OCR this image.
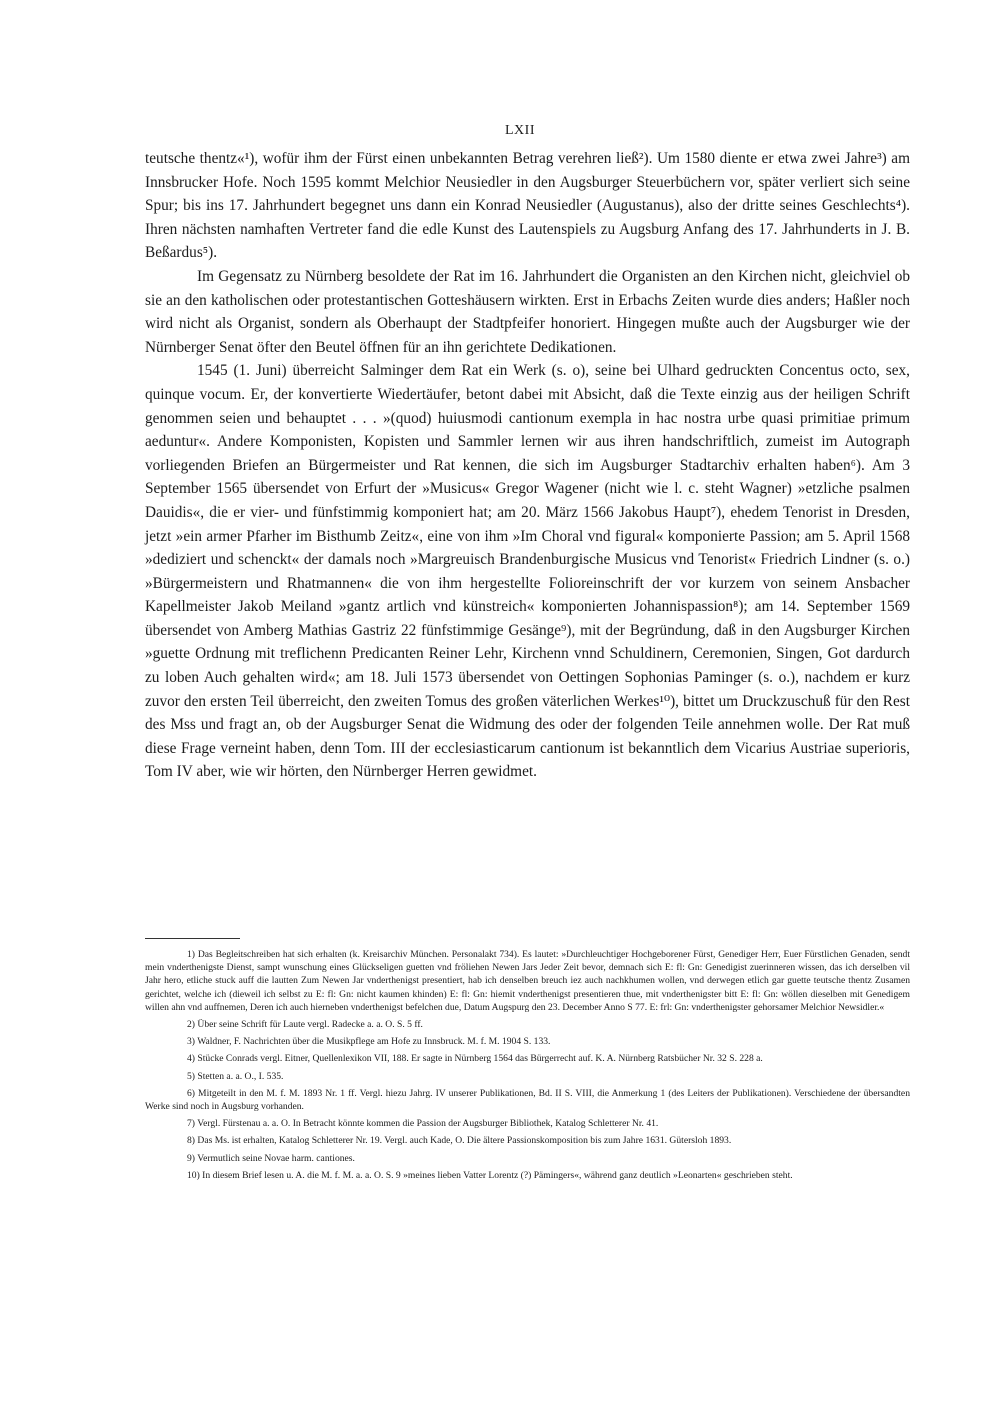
LXII

teutsche thentz«¹), wofür ihm der Fürst einen unbekannten Betrag verehren ließ²). Um 1580 diente er etwa zwei Jahre³) am Innsbrucker Hofe. Noch 1595 kommt Melchior Neusiedler in den Augsburger Steuerbüchern vor, später verliert sich seine Spur; bis ins 17. Jahrhundert begegnet uns dann ein Konrad Neusiedler (Augustanus), also der dritte seines Geschlechts⁴). Ihren nächsten namhaften Vertreter fand die edle Kunst des Lautenspiels zu Augsburg Anfang des 17. Jahrhunderts in J. B. Beßardus⁵).

Im Gegensatz zu Nürnberg besoldete der Rat im 16. Jahrhundert die Organisten an den Kirchen nicht, gleichviel ob sie an den katholischen oder protestantischen Gotteshäusern wirkten. Erst in Erbachs Zeiten wurde dies anders; Haßler noch wird nicht als Organist, sondern als Oberhaupt der Stadtpfeifer honoriert. Hingegen mußte auch der Augsburger wie der Nürnberger Senat öfter den Beutel öffnen für an ihn gerichtete Dedikationen.

1545 (1. Juni) überreicht Salminger dem Rat ein Werk (s. o), seine bei Ulhard gedruckten Concentus octo, sex, quinque vocum. Er, der konvertierte Wiedertäufer, betont dabei mit Absicht, daß die Texte einzig aus der heiligen Schrift genommen seien und behauptet . . . »(quod) huiusmodi cantionum exempla in hac nostra urbe quasi primitiae primum aeduntur«. Andere Komponisten, Kopisten und Sammler lernen wir aus ihren handschriftlich, zumeist im Autograph vorliegenden Briefen an Bürgermeister und Rat kennen, die sich im Augsburger Stadtarchiv erhalten haben⁶). Am 3 September 1565 übersendet von Erfurt der »Musicus« Gregor Wagener (nicht wie l. c. steht Wagner) »etzliche psalmen Dauidis«, die er vier- und fünfstimmig komponiert hat; am 20. März 1566 Jakobus Haupt⁷), ehedem Tenorist in Dresden, jetzt »ein armer Pfarher im Bisthumb Zeitz«, eine von ihm »Im Choral vnd figural« komponierte Passion; am 5. April 1568 »dediziert und schenckt« der damals noch »Margreuisch Brandenburgische Musicus vnd Tenorist« Friedrich Lindner (s. o.) »Bürgermeistern und Rhatmannen« die von ihm hergestellte Folioreinschrift der vor kurzem von seinem Ansbacher Kapellmeister Jakob Meiland »gantz artlich vnd künstreich« komponierten Johannispassion⁸); am 14. September 1569 übersendet von Amberg Mathias Gastriz 22 fünfstimmige Gesänge⁹), mit der Begründung, daß in den Augsburger Kirchen »guette Ordnung mit treflichenn Predicanten Reiner Lehr, Kirchenn vnnd Schuldinern, Ceremonien, Singen, Got dardurch zu loben Auch gehalten wird«; am 18. Juli 1573 übersendet von Oettingen Sophonias Paminger (s. o.), nachdem er kurz zuvor den ersten Teil überreicht, den zweiten Tomus des großen väterlichen Werkes¹⁰), bittet um Druckzuschuß für den Rest des Mss und fragt an, ob der Augsburger Senat die Widmung des oder der folgenden Teile annehmen wolle. Der Rat muß diese Frage verneint haben, denn Tom. III der ecclesiasticarum cantionum ist bekanntlich dem Vicarius Austriae superioris, Tom IV aber, wie wir hörten, den Nürnberger Herren gewidmet.

1) Das Begleitschreiben hat sich erhalten (k. Kreisarchiv München. Personalakt 734). Es lautet: »Durchleuchtiger Hochgeborener Fürst, Genediger Herr, Euer Fürstlichen Genaden, sendt mein vnderthenigste Dienst, sampt wunschung eines Glückseligen guetten vnd fröliehen Newen Jars Jeder Zeit bevor, demnach sich E: fl: Gn: Genedigist zuerinneren wissen, das ich derselben vil Jahr hero, etliche stuck auff die lautten Zum Newen Jar vnderthenigst presentiert, hab ich denselben breuch iez auch nachkhumen wollen, vnd derwegen etlich gar guette teutsche thentz Zusamen gerichtet, welche ich (dieweil ich selbst zu E: fl: Gn: nicht kaumen khinden) E: fl: Gn: hiemit vnderthenigst presentieren thue, mit vnderthenigster bitt E: fl: Gn: wöllen dieselben mit Genedigem willen ahn vnd auffnemen, Deren ich auch hierneben vnderthenigst befelchen due, Datum Augspurg den 23. December Anno S 77. E: frl: Gn: vnderthenigster gehorsamer Melchior Newsidler.«

2) Über seine Schrift für Laute vergl. Radecke a. a. O. S. 5 ff.

3) Waldner, F. Nachrichten über die Musikpflege am Hofe zu Innsbruck. M. f. M. 1904 S. 133.

4) Stücke Conrads vergl. Eitner, Quellenlexikon VII, 188. Er sagte in Nürnberg 1564 das Bürgerrecht auf. K. A. Nürnberg Ratsbücher Nr. 32 S. 228 a.

5) Stetten a. a. O., I. 535.

6) Mitgeteilt in den M. f. M. 1893 Nr. 1 ff. Vergl. hiezu Jahrg. IV unserer Publikationen, Bd. II S. VIII, die Anmerkung 1 (des Leiters der Publikationen). Verschiedene der übersandten Werke sind noch in Augsburg vorhanden.

7) Vergl. Fürstenau a. a. O. In Betracht könnte kommen die Passion der Augsburger Bibliothek, Katalog Schletterer Nr. 41.

8) Das Ms. ist erhalten, Katalog Schletterer Nr. 19. Vergl. auch Kade, O. Die ältere Passionskomposition bis zum Jahre 1631. Gütersloh 1893.

9) Vermutlich seine Novae harm. cantiones.

10) In diesem Brief lesen u. A. die M. f. M. a. a. O. S. 9 »meines lieben Vatter Lorentz (?) Pämingers«, während ganz deutlich »Leonarten« geschrieben steht.
